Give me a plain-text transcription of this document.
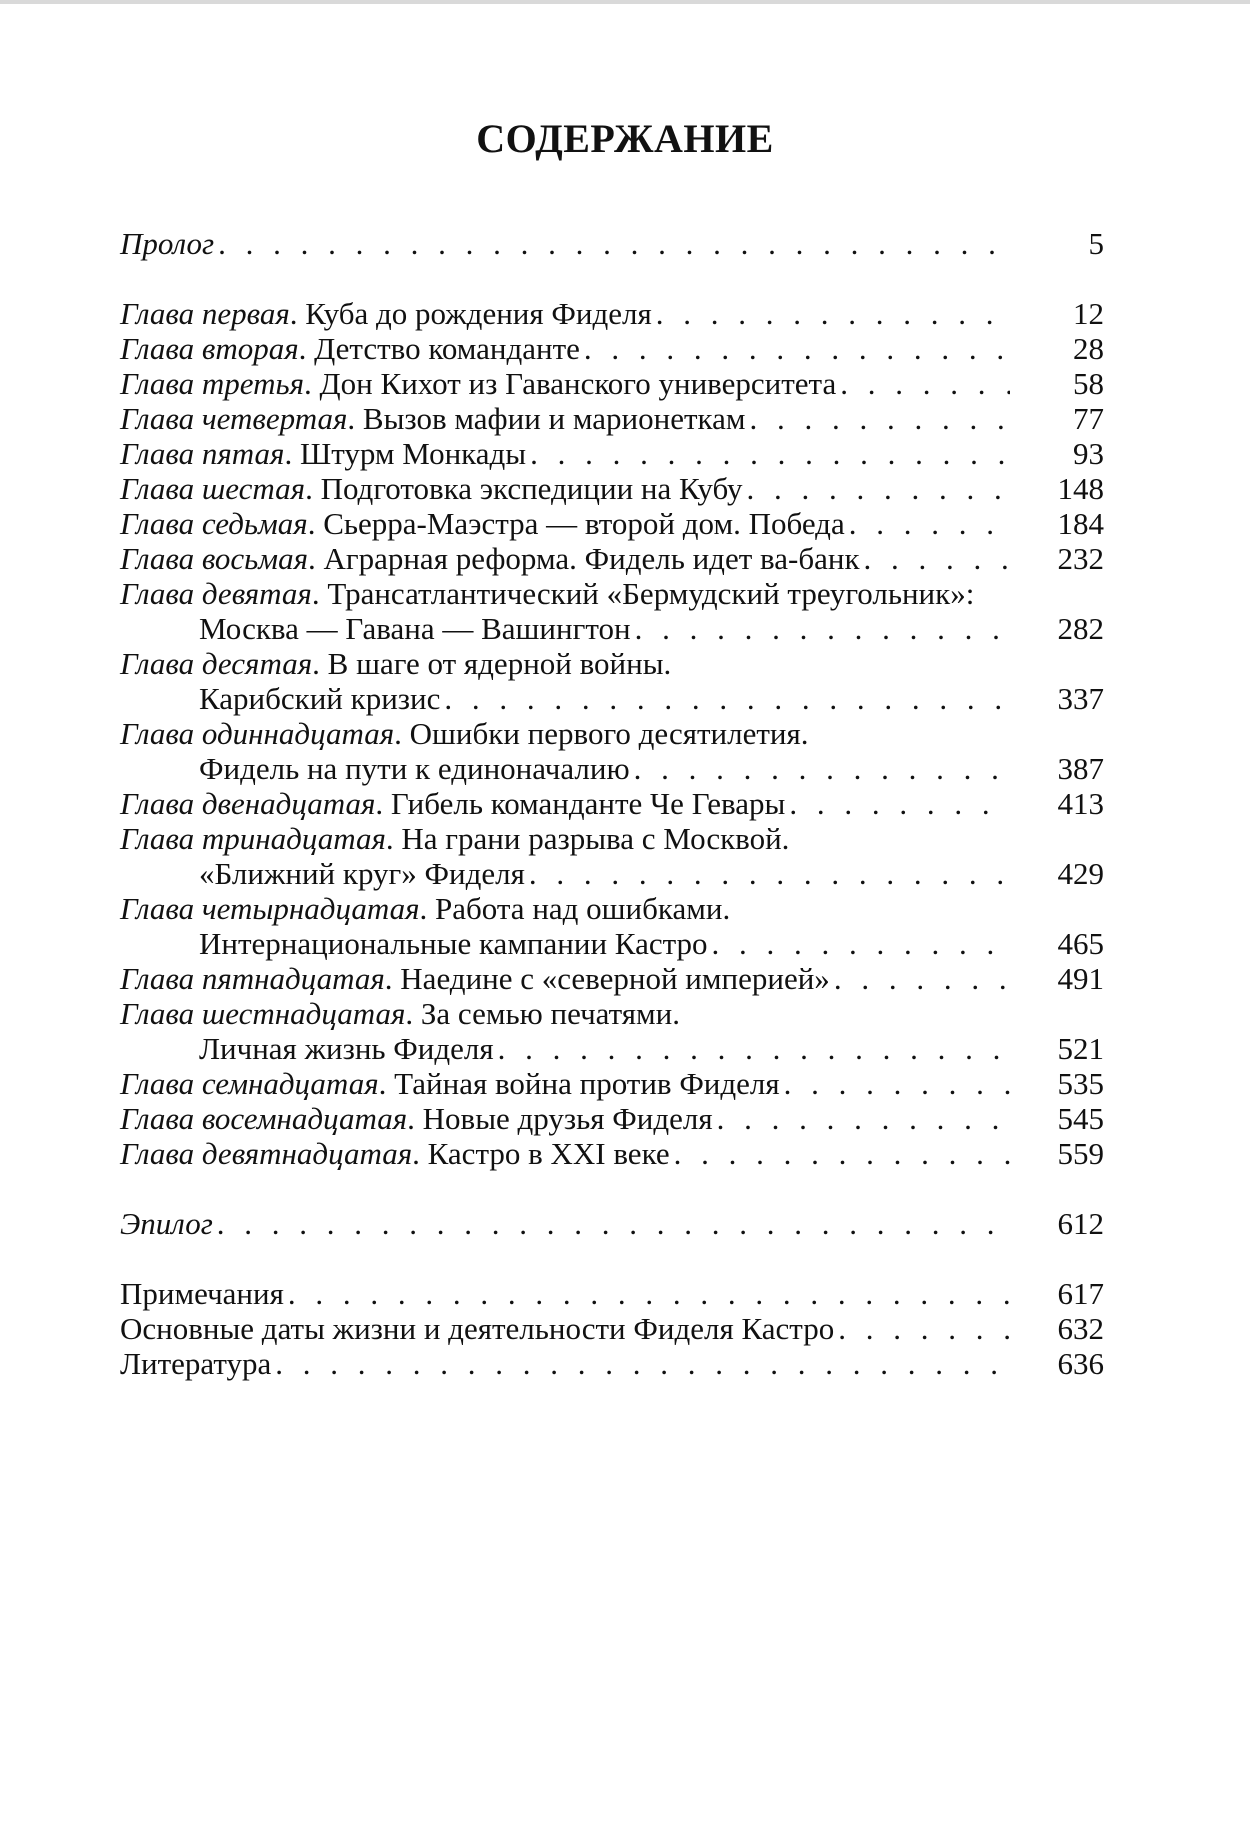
СОДЕРЖАНИЕ
Пролог . . .	5
Глава первая. Куба до рождения Фиделя . . .	12
Глава вторая. Детство команданте . . .	28
Глава третья. Дон Кихот из Гаванского университета . . .	58
Глава четвертая. Вызов мафии и марионеткам . . .	77
Глава пятая. Штурм Монкады . . .	93
Глава шестая. Подготовка экспедиции на Кубу . . .	148
Глава седьмая. Сьерра-Маэстра — второй дом. Победа . . .	184
Глава восьмая. Аграрная реформа. Фидель идет ва-банк . . .	232
Глава девятая. Трансатлантический «Бермудский треугольник»:
Москва — Гавана — Вашингтон . . .	282
Глава десятая. В шаге от ядерной войны.
Карибский кризис . . .	337
Глава одиннадцатая. Ошибки первого десятилетия.
Фидель на пути к единоначалию . . .	387
Глава двенадцатая. Гибель команданте Че Гевары . . .	413
Глава тринадцатая. На грани разрыва с Москвой.
«Ближний круг» Фиделя . . .	429
Глава четырнадцатая. Работа над ошибками.
Интернациональные кампании Кастро . . .	465
Глава пятнадцатая. Наедине с «северной империей» . . .	491
Глава шестнадцатая. За семью печатями.
Личная жизнь Фиделя . . .	521
Глава семнадцатая. Тайная война против Фиделя . . .	535
Глава восемнадцатая. Новые друзья Фиделя . . .	545
Глава девятнадцатая. Кастро в XXI веке . . .	559
Эпилог . . .	612
Примечания . . .	617
Основные даты жизни и деятельности Фиделя Кастро . . .	632
Литература . . .	636
